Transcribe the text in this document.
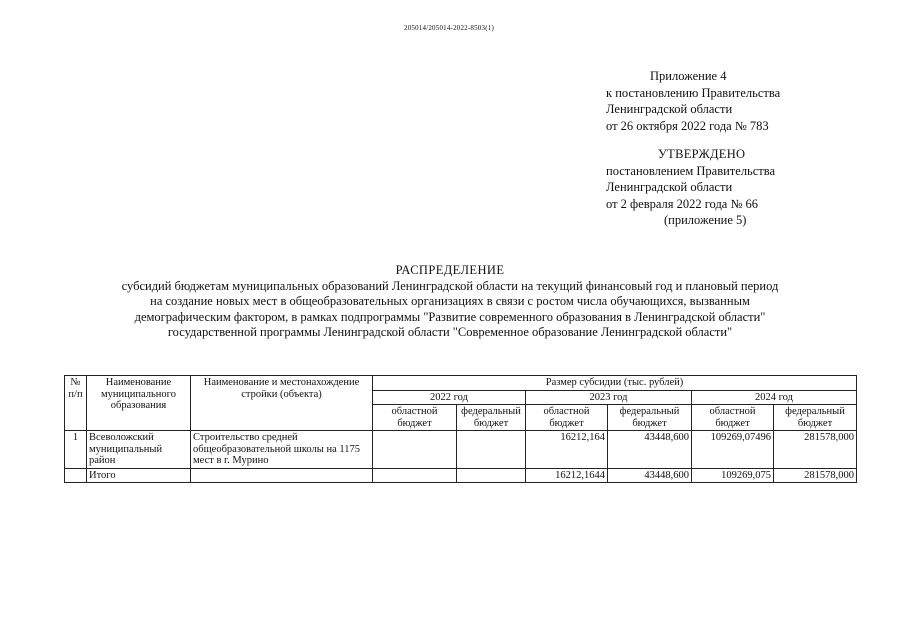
205014/205014-2022-8503(1)
Приложение 4
к постановлению Правительства
Ленинградской области
от 26 октября 2022 года № 783
УТВЕРЖДЕНО
постановлением Правительства
Ленинградской области
от 2 февраля 2022 года № 66
(приложение 5)
РАСПРЕДЕЛЕНИЕ
субсидий бюджетам муниципальных образований Ленинградской области на текущий финансовый год и плановый период
на создание новых мест в общеобразовательных организациях в связи с ростом числа обучающихся, вызванным
демографическим фактором, в рамках подпрограммы "Развитие современного образования в Ленинградской области"
государственной программы Ленинградской области "Современное образование Ленинградской области"
№ п/п	Наименование муниципального образования	Наименование и местонахождение стройки (объекта)	Размер субсидии (тыс. рублей)					
			2022 год		2023 год		2024 год	
			областной бюджет	федеральный бюджет	областной бюджет	федеральный бюджет	областной бюджет	федеральный бюджет
1	Всеволожский муниципальный район	Строительство средней общеобразовательной школы на 1175 мест в г. Мурино			16212,164	43448,600	109269,07496	281578,000
	Итого				16212,1644	43448,600	109269,075	281578,000
